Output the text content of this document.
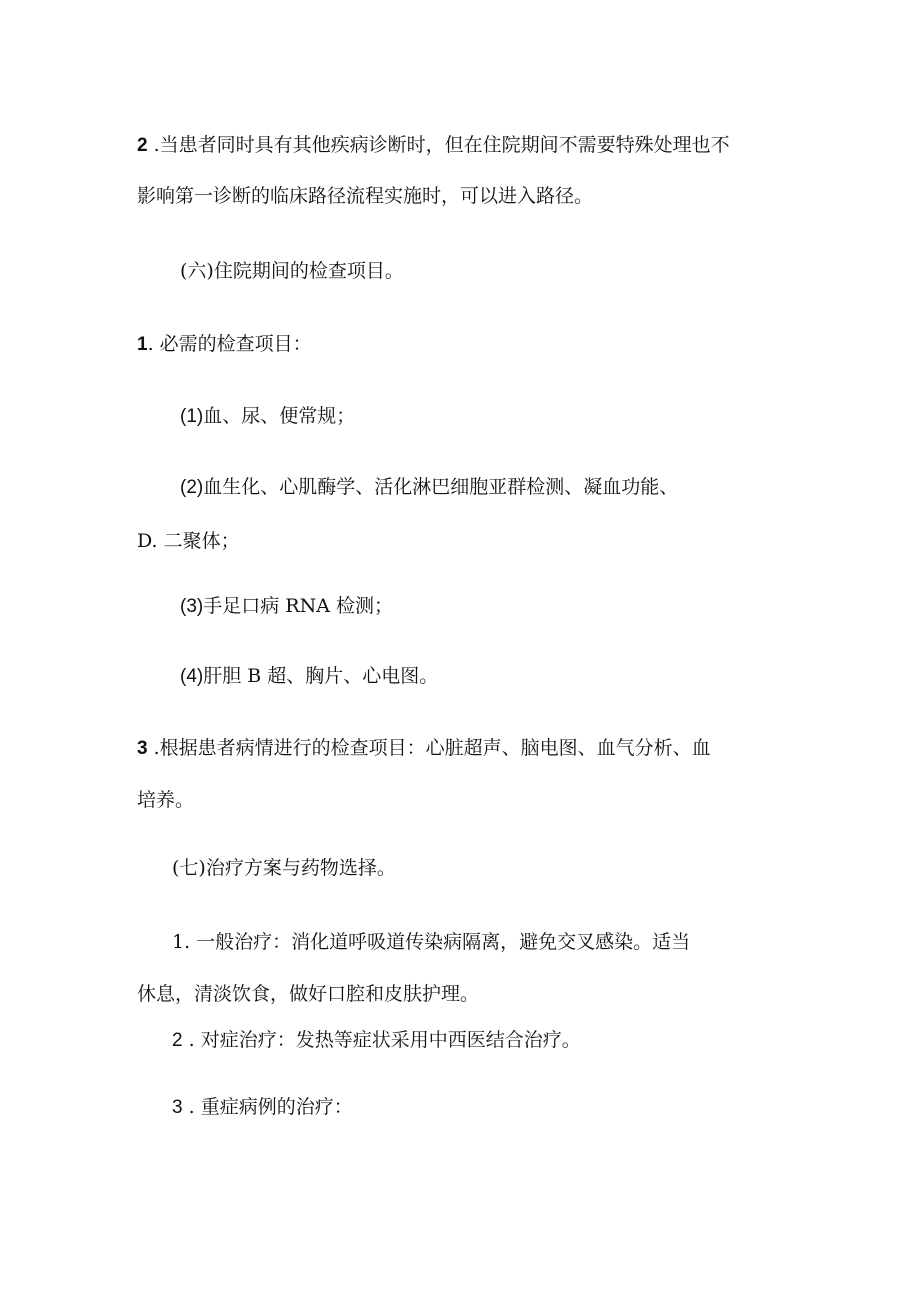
2 .当患者同时具有其他疾病诊断时，但在住院期间不需要特殊处理也不
影响第一诊断的临床路径流程实施时，可以进入路径。
(六)住院期间的检查项目。
1. 必需的检查项目：
(1)血、尿、便常规；
(2)血生化、心肌酶学、活化淋巴细胞亚群检测、凝血功能、
D. 二聚体；
(3)手足口病 RNA 检测；
(4)肝胆 B 超、胸片、心电图。
3 .根据患者病情进行的检查项目：心脏超声、脑电图、血气分析、血
培养。
(七)治疗方案与药物选择。
1. 一般治疗：消化道呼吸道传染病隔离，避免交叉感染。适当
休息，清淡饮食，做好口腔和皮肤护理。
2 . 对症治疗：发热等症状采用中西医结合治疗。
3 . 重症病例的治疗：
